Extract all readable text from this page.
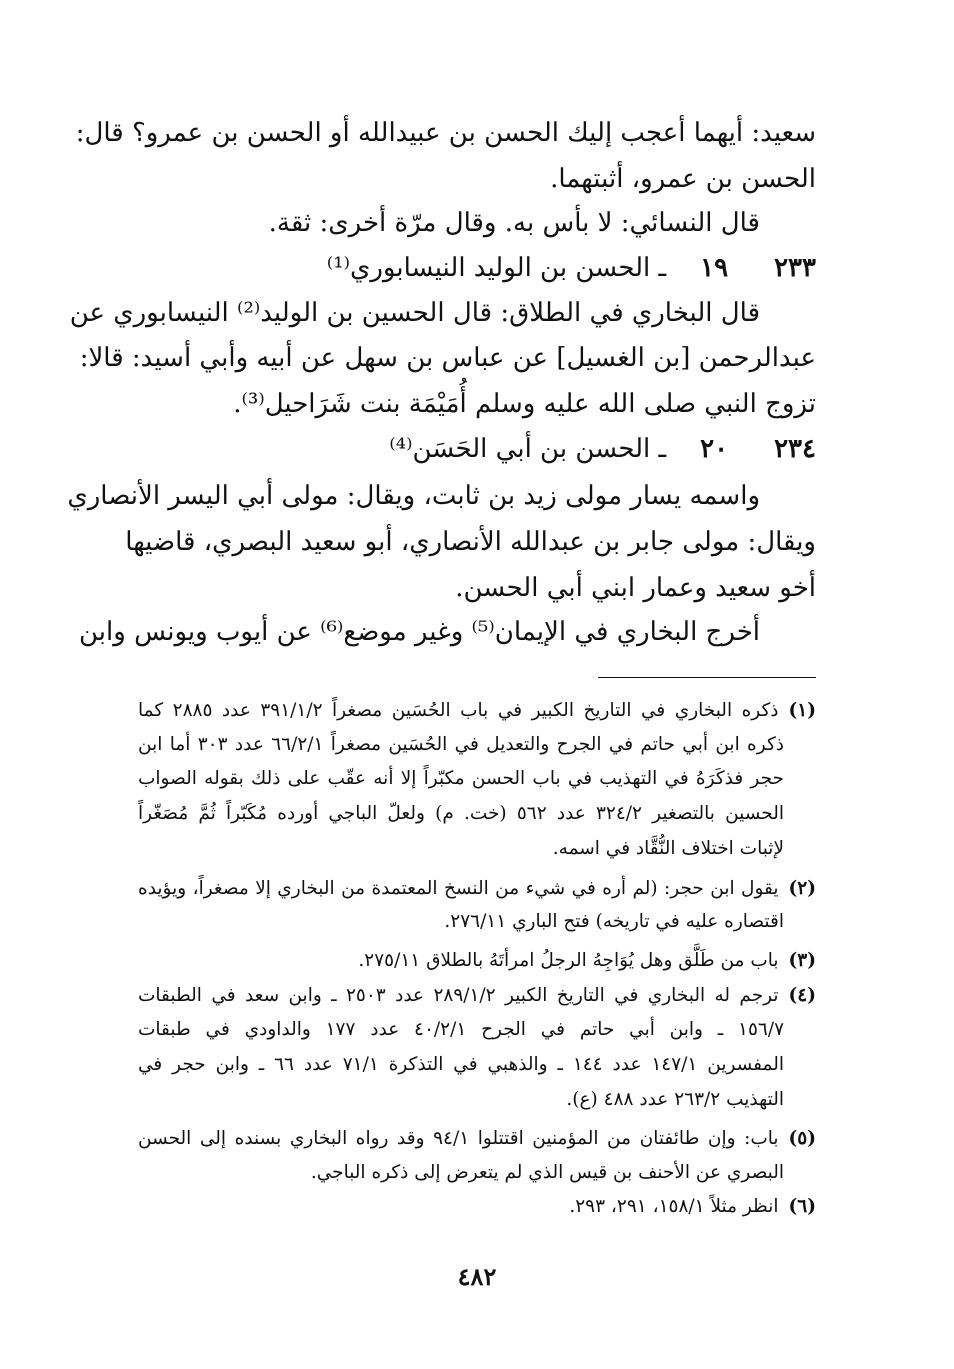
سعيد: أيهما أعجب إليك الحسن بن عبيدالله أو الحسن بن عمرو؟ قال:
الحسن بن عمرو، أثبتهما.
قال النسائي: لا بأس به. وقال مرّة أخرى: ثقة.
٢٣٣١٩ـ الحسن بن الوليد النيسابوري⁽¹⁾
قال البخاري في الطلاق: قال الحسين بن الوليد⁽²⁾ النيسابوري عن
عبدالرحمن [بن الغسيل] عن عباس بن سهل عن أبيه وأبي أسيد: قالا:
تزوج النبي صلى الله عليه وسلم أُمَيْمَة بنت شَرَاحيل⁽³⁾.
٢٣٤٢٠ـ الحسن بن أبي الحَسَن⁽⁴⁾
واسمه يسار مولى زيد بن ثابت، ويقال: مولى أبي اليسر الأنصاري
ويقال: مولى جابر بن عبدالله الأنصاري، أبو سعيد البصري، قاضيها
أخو سعيد وعمار ابني أبي الحسن.
أخرج البخاري في الإيمان⁽⁵⁾ وغير موضع⁽⁶⁾ عن أيوب ويونس وابن
(١)ذكره البخاري في التاريخ الكبير في باب الحُسَين مصغراً ٣٩١/١/٢ عدد ٢٨٨٥ كما
ذكره ابن أبي حاتم في الجرح والتعديل في الحُسَين مصغراً ٦٦/٢/١ عدد ٣٠٣ أما ابن
حجر فذكَرَهُ في التهذيب في باب الحسن مكبّراً إلا أنه عقّب على ذلك بقوله الصواب
الحسين بالتصغير ٣٢٤/٢ عدد ٥٦٢ (خت. م) ولعلّ الباجي أورده مُكَبّراً ثُمَّ مُصَغّراً
لإثبات اختلاف النُّقَّاد في اسمه.
(٢)يقول ابن حجر: (لم أره في شيء من النسخ المعتمدة من البخاري إلا مصغراً، ويؤيده
اقتصاره عليه في تاريخه) فتح الباري ٢٧٦/١١.
(٣)باب من طَلَّق وهل يُوَاجِهُ الرجلُ امرأتَهُ بالطلاق ٢٧٥/١١.
(٤)ترجم له البخاري في التاريخ الكبير ٢٨٩/١/٢ عدد ٢٥٠٣ ـ وابن سعد في الطبقات
١٥٦/٧ ـ وابن أبي حاتم في الجرح ٤٠/٢/١ عدد ١٧٧ والداودي في طبقات
المفسرين ١٤٧/١ عدد ١٤٤ ـ والذهبي في التذكرة ٧١/١ عدد ٦٦ ـ وابن حجر في
التهذيب ٢٦٣/٢ عدد ٤٨٨ (ع).
(٥)باب: وإن طائفتان من المؤمنين اقتتلوا ٩٤/١ وقد رواه البخاري بسنده إلى الحسن
البصري عن الأحنف بن قيس الذي لم يتعرض إلى ذكره الباجي.
(٦)انظر مثلاً ١٥٨/١، ٢٩١، ٢٩٣.
٤٨٢
